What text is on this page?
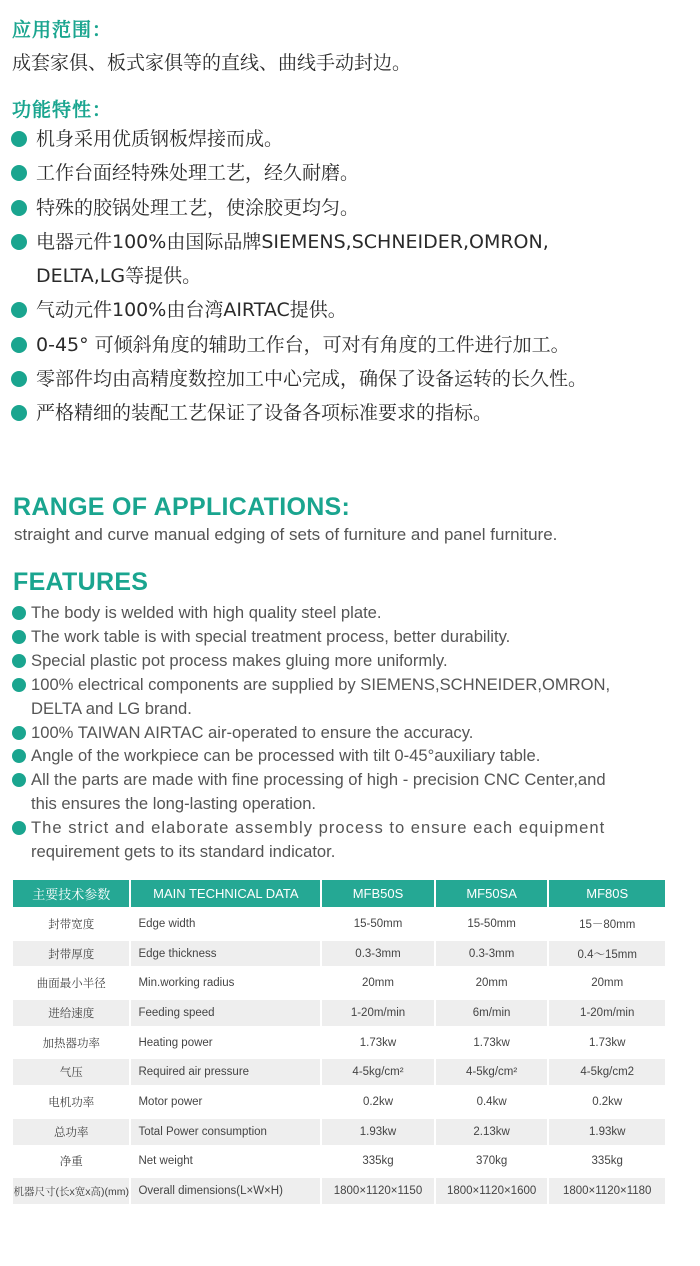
应用范围：

成套家俱、板式家俱等的直线、曲线手动封边。

功能特性：
机身采用优质钢板焊接而成。
工作台面经特殊处理工艺，经久耐磨。
特殊的胶锅处理工艺，使涂胶更均匀。
电器元件100%由国际品牌SIEMENS,SCHNEIDER,OMRON,
DELTA,LG等提供。
气动元件100%由台湾AIRTAC提供。
0-45° 可倾斜角度的辅助工作台，可对有角度的工件进行加工。
零部件均由高精度数控加工中心完成，确保了设备运转的长久性。
严格精细的装配工艺保证了设备各项标准要求的指标。
RANGE OF APPLICATIONS:

straight and curve manual edging of sets of furniture and panel furniture.

FEATURES
The body is welded with high quality steel plate.
The work table is with special treatment process, better durability.
Special plastic pot process makes gluing more uniformly.
100% electrical components are supplied by SIEMENS,SCHNEIDER,OMRON,
DELTA and LG brand.
100% TAIWAN AIRTAC air-operated to ensure the accuracy.
Angle of the workpiece can be processed with tilt 0-45°auxiliary table.
All the parts are made with fine processing of high - precision CNC Center,and
this ensures the long-lasting operation.
The strict and elaborate assembly process to ensure each equipment
requirement gets to its standard indicator.
主要技术参数	MAIN TECHNICAL DATA	MFB50S	MF50SA	MF80S
封带宽度	Edge width	15-50mm	15-50mm	15－80mm
封带厚度	Edge thickness	0.3-3mm	0.3-3mm	0.4～15mm
曲面最小半径	Min.working radius	20mm	20mm	20mm
进给速度	Feeding speed	1-20m/min	6m/min	1-20m/min
加热器功率	Heating power	1.73kw	1.73kw	1.73kw
气压	Required air pressure	4-5kg/cm²	4-5kg/cm²	4-5kg/cm2
电机功率	Motor power	0.2kw	0.4kw	0.2kw
总功率	Total Power consumption	1.93kw	2.13kw	1.93kw
净重	Net weight	335kg	370kg	335kg
机器尺寸(长x宽x高)(mm)	Overall dimensions(L×W×H)	1800×1120×1150	1800×1120×1600	1800×1120×1180
